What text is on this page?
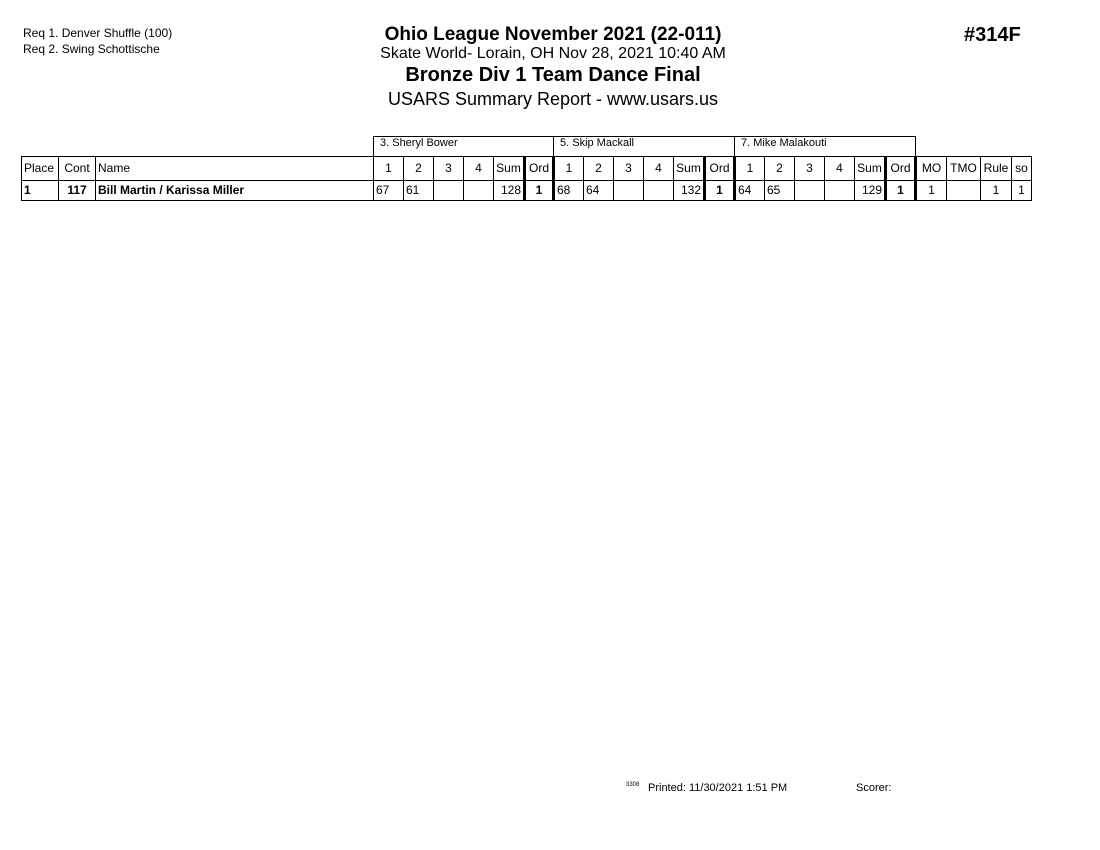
Req 1. Denver Shuffle (100)
Req 2. Swing Schottische
Ohio League November 2021 (22-011)
Skate World- Lorain, OH Nov 28, 2021 10:40 AM
Bronze Div 1 Team Dance Final
USARS Summary Report - www.usars.us
#314F
3. Sheryl Bower	5. Skip Mackall	7. Mike Malakouti
Place	Cont	Name	1	2	3	4	Sum	Ord	1	2	3	4	Sum	Ord	1	2	3	4	Sum	Ord	MO	TMO	Rule	so
1	117	Bill Martin / Karissa Miller	67	61			128	1	68	64			132	1	64	65			129	1	1		1	1
3308 Printed: 11/30/2021 1:51 PM	Scorer:
